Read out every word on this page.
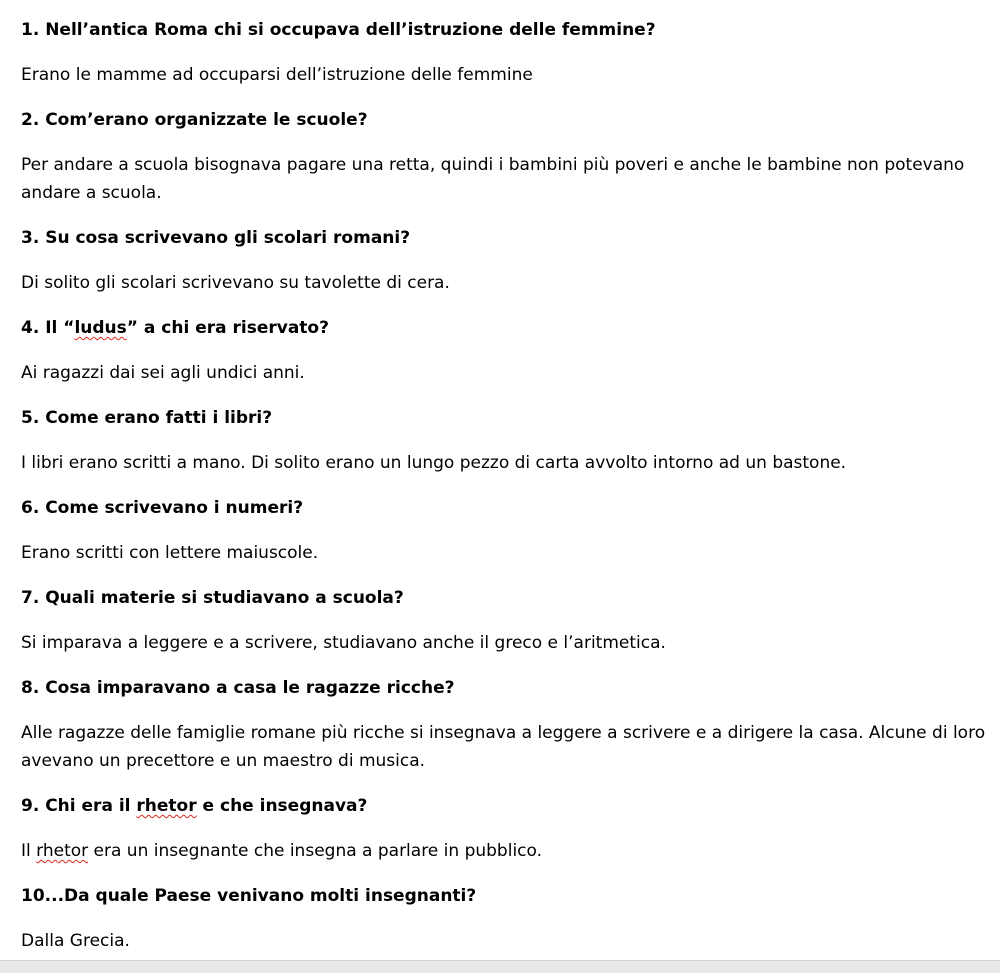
1. Nell’antica Roma chi si occupava dell’istruzione delle femmine?

Erano le mamme ad occuparsi dell’istruzione delle femmine

2. Com’erano organizzate le scuole?

Per andare a scuola bisognava pagare una retta, quindi i bambini più poveri e anche le bambine non potevano andare a scuola.

3. Su cosa scrivevano gli scolari romani?

Di solito gli scolari scrivevano su tavolette di cera.

4. Il “ludus” a chi era riservato?

Ai ragazzi dai sei agli undici anni.

5. Come erano fatti i libri?

I libri erano scritti a mano. Di solito erano un lungo pezzo di carta avvolto intorno ad un bastone.

6. Come scrivevano i numeri?

Erano scritti con lettere maiuscole.

7. Quali materie si studiavano a scuola?

Si imparava a leggere e a scrivere, studiavano anche il greco e l’aritmetica.

8. Cosa imparavano a casa le ragazze ricche?

Alle ragazze delle famiglie romane più ricche si insegnava a leggere a scrivere e a dirigere la casa. Alcune di loro avevano un precettore e un maestro di musica.

9. Chi era il rhetor e che insegnava?

Il rhetor era un insegnante che insegna a parlare in pubblico.

10...Da quale Paese venivano molti insegnanti?

Dalla Grecia.
